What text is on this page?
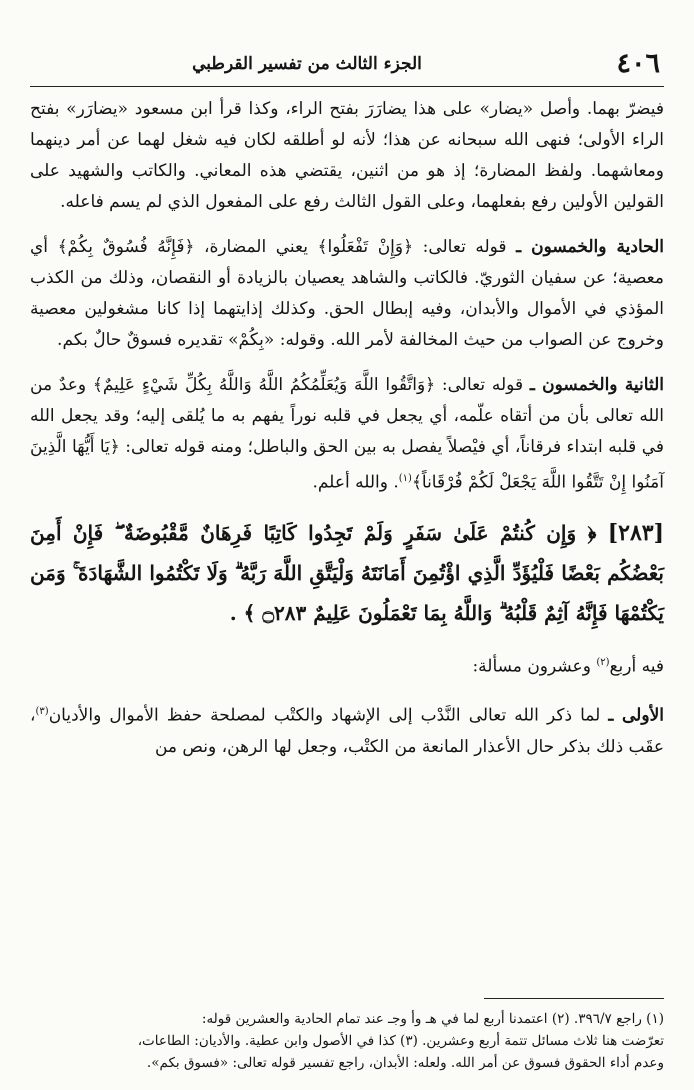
٤٠٦
الجزء الثالث من تفسير القرطبي

فيضرّ بهما. وأصل «يضار» على هذا يضارَرَ بفتح الراء، وكذا قرأ ابن مسعود «يضارَر» بفتح الراء الأولى؛ فنهى الله سبحانه عن هذا؛ لأنه لو أطلقه لكان فيه شغل لهما عن أمر دينهما ومعاشهما. ولفظ المضارة؛ إذ هو من اثنين، يقتضي هذه المعاني. والكاتب والشهيد على القولين الأولين رفع بفعلهما، وعلى القول الثالث رفع على المفعول الذي لم يسم فاعله.

الحادية والخمسون ـ قوله تعالى: ﴿وَإِنْ تَفْعَلُوا﴾ يعني المضارة، ﴿فَإِنَّهُ فُسُوقٌ بِكُمْ﴾ أي معصية؛ عن سفيان الثوريّ. فالكاتب والشاهد يعصيان بالزيادة أو النقصان، وذلك من الكذب المؤذي في الأموال والأبدان، وفيه إبطال الحق. وكذلك إذايتهما إذا كانا مشغولين معصية وخروج عن الصواب من حيث المخالفة لأمر الله. وقوله: «بِكُمْ» تقديره فسوقٌ حالٌ بكم.

الثانية والخمسون ـ قوله تعالى: ﴿وَاتَّقُوا اللَّهَ وَيُعَلِّمُكُمُ اللَّهُ وَاللَّهُ بِكُلِّ شَيْءٍ عَلِيمٌ﴾ وعدٌ من الله تعالى بأن من أتقاه علّمه، أي يجعل في قلبه نوراً يفهم به ما يُلقى إليه؛ وقد يجعل الله في قلبه ابتداء فرقاناً، أي فيْصلاً يفصل به بين الحق والباطل؛ ومنه قوله تعالى: ﴿يَا أَيُّهَا الَّذِينَ آمَنُوا إِنْ تَتَّقُوا اللَّهَ يَجْعَلْ لَكُمْ فُرْقَاناً﴾$^{(١)}$. والله أعلم.

[٢٨٣] ﴿ وَإِن كُنتُمْ عَلَىٰ سَفَرٍ وَلَمْ تَجِدُوا كَاتِبًا فَرِهَانٌ مَّقْبُوضَةٌ ۖ فَإِنْ أَمِنَ بَعْضُكُم بَعْضًا فَلْيُؤَدِّ الَّذِي اؤْتُمِنَ أَمَانَتَهُ وَلْيَتَّقِ اللَّهَ رَبَّهُ ۗ وَلَا تَكْتُمُوا الشَّهَادَةَ ۚ وَمَن يَكْتُمْهَا فَإِنَّهُ آثِمٌ قَلْبُهُ ۗ وَاللَّهُ بِمَا تَعْمَلُونَ عَلِيمٌ ۝٢٨٣ ﴾ .

فيه أربع$^{(٢)}$ وعشرون مسألة:

الأولى ـ لما ذكر الله تعالى النَّدْب إلى الإشهاد والكتْب لمصلحة حفظ الأموال والأديان$^{(٣)}$، عقَب ذلك بذكر حال الأعذار المانعة من الكتْب، وجعل لها الرهن، ونص من

(١) راجع ٣٩٦/٧. (٢) اعتمدنا أربع لما في هـ وأ وجـ عند تمام الحادية والعشرين قوله:

تعرّضت هنا ثلاث مسائل تتمة أربع وعشرين. (٣) كذا في الأصول وابن عطية. والأديان: الطاعات،

وعدم أداء الحقوق فسوق عن أمر الله. ولعله: الأبدان، راجع تفسير قوله تعالى: «فسوق بكم».
